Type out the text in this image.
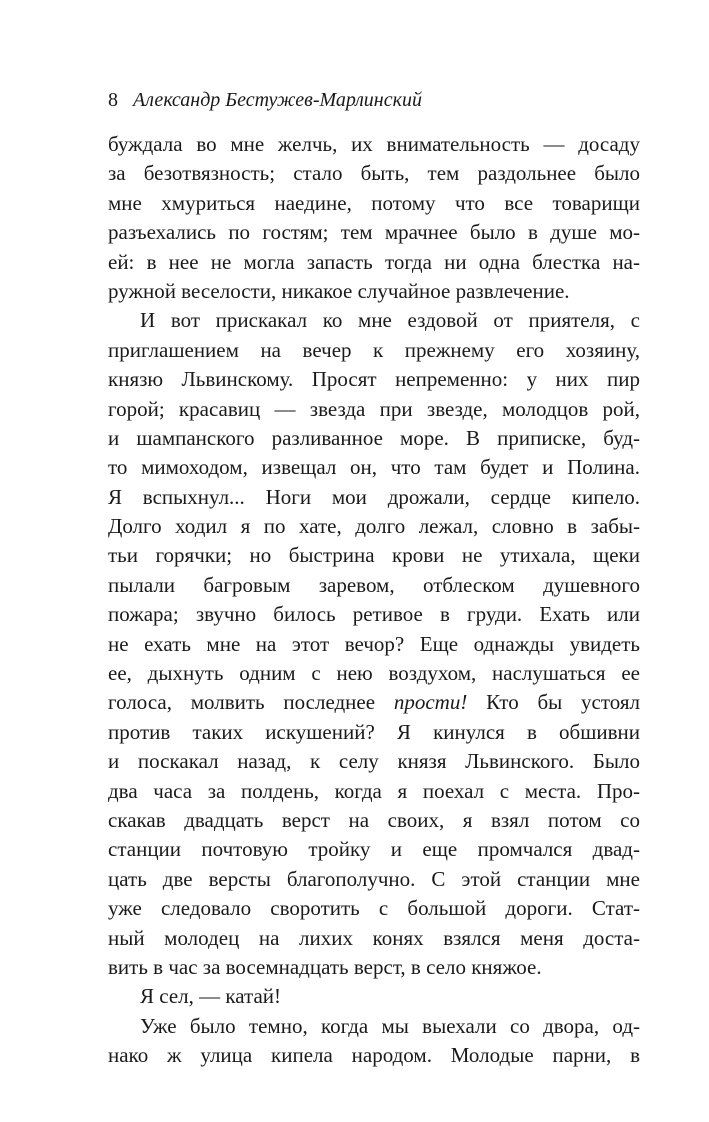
8 Александр Бестужев-Марлинский
буждала во мне желчь, их внимательность — досаду
за безотвязность; стало быть, тем раздольнее было
мне хмуриться наедине, потому что все товарищи
разъехались по гостям; тем мрачнее было в душе мо-
ей: в нее не могла запасть тогда ни одна блестка на-
ружной веселости, никакое случайное развлечение.
И вот прискакал ко мне ездовой от приятеля, с
приглашением на вечер к прежнему его хозяину,
князю Львинскому. Просят непременно: у них пир
горой; красавиц — звезда при звезде, молодцов рой,
и шампанского разливанное море. В приписке, буд-
то мимоходом, извещал он, что там будет и Полина.
Я вспыхнул... Ноги мои дрожали, сердце кипело.
Долго ходил я по хате, долго лежал, словно в забы-
тьи горячки; но быстрина крови не утихала, щеки
пылали багровым заревом, отблеском душевного
пожара; звучно билось ретивое в груди. Ехать или
не ехать мне на этот вечор? Еще однажды увидеть
ее, дыхнуть одним с нею воздухом, наслушаться ее
голоса, молвить последнее прости! Кто бы устоял
против таких искушений? Я кинулся в обшивни
и поскакал назад, к селу князя Львинского. Было
два часа за полдень, когда я поехал с места. Про-
скакав двадцать верст на своих, я взял потом со
станции почтовую тройку и еще промчался двад-
цать две версты благополучно. С этой станции мне
уже следовало своротить с большой дороги. Стат-
ный молодец на лихих конях взялся меня доста-
вить в час за восемнадцать верст, в село княжое.
Я сел, — катай!
Уже было темно, когда мы выехали со двора, од-
нако ж улица кипела народом. Молодые парни, в
